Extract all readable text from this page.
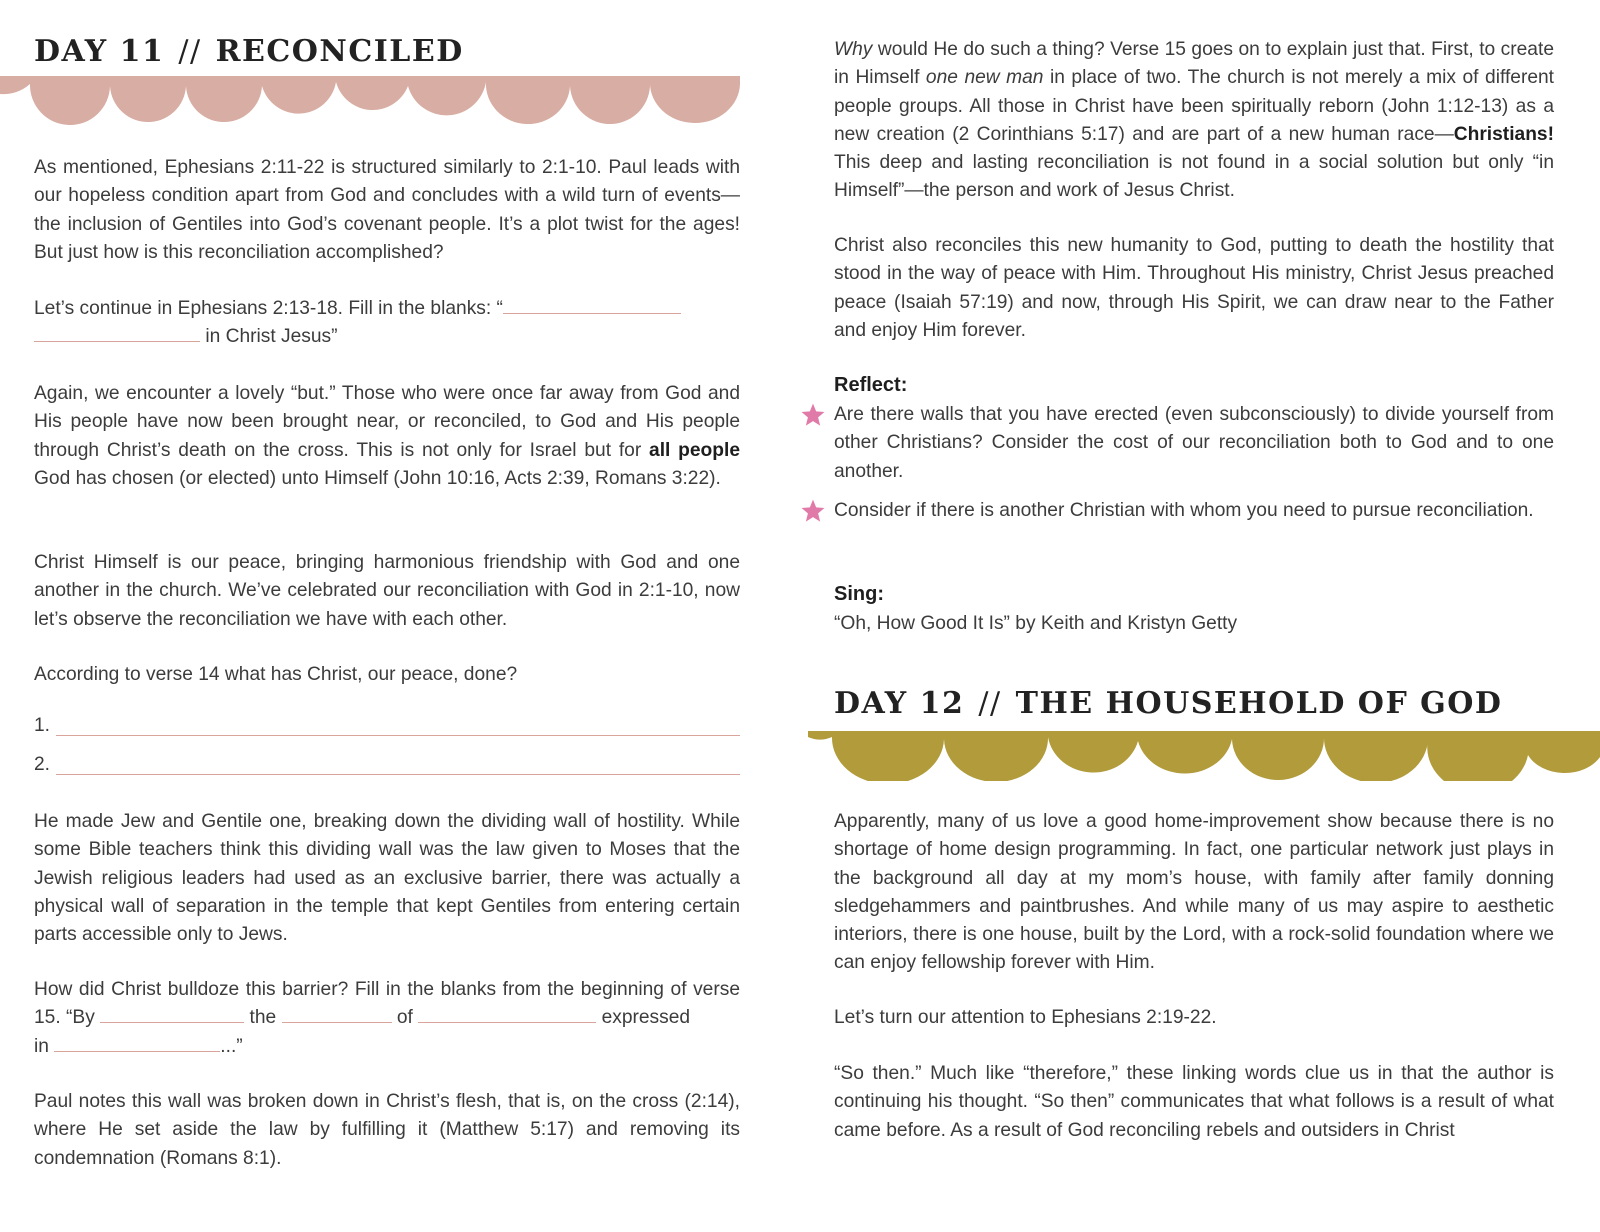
DAY 11 // RECONCILED

As mentioned, Ephesians 2:11-22 is structured similarly to 2:1-10. Paul leads with our hopeless condition apart from God and concludes with a wild turn of events—the inclusion of Gentiles into God’s covenant people. It’s a plot twist for the ages! But just how is this reconciliation accomplished?

Let’s continue in Ephesians 2:13-18. Fill in the blanks: “
in Christ Jesus”

Again, we encounter a lovely “but.” Those who were once far away from God and His people have now been brought near, or reconciled, to God and His people through Christ’s death on the cross. This is not only for Israel but for all people God has chosen (or elected) unto Himself (John 10:16, Acts 2:39, Romans 3:22).

Christ Himself is our peace, bringing harmonious friendship with God and one another in the church. We’ve celebrated our reconciliation with God in 2:1-10, now let’s observe the reconciliation we have with each other.

According to verse 14 what has Christ, our peace, done?

1.
2.

He made Jew and Gentile one, breaking down the dividing wall of hostility. While some Bible teachers think this dividing wall was the law given to Moses that the Jewish religious leaders had used as an exclusive barrier, there was actually a physical wall of separation in the temple that kept Gentiles from entering certain parts accessible only to Jews.

How did Christ bulldoze this barrier? Fill in the blanks from the beginning of verse 15. “By	the	of	expressed
in	...”

Paul notes this wall was broken down in Christ’s flesh, that is, on the cross (2:14), where He set aside the law by fulfilling it (Matthew 5:17) and removing its condemnation (Romans 8:1).

Why would He do such a thing? Verse 15 goes on to explain just that. First, to create in Himself one new man in place of two. The church is not merely a mix of different people groups. All those in Christ have been spiritually reborn (John 1:12-13) as a new creation (2 Corinthians 5:17) and are part of a new human race—Christians! This deep and lasting reconciliation is not found in a social solution but only “in Himself”—the person and work of Jesus Christ.

Christ also reconciles this new humanity to God, putting to death the hostility that stood in the way of peace with Him. Throughout His ministry, Christ Jesus preached peace (Isaiah 57:19) and now, through His Spirit, we can draw near to the Father and enjoy Him forever.

Reflect:

Are there walls that you have erected (even subconsciously) to divide yourself from other Christians? Consider the cost of our reconciliation both to God and to one another.

Consider if there is another Christian with whom you need to pursue reconciliation.

Sing:

“Oh, How Good It Is” by Keith and Kristyn Getty

DAY 12 // THE HOUSEHOLD OF GOD

Apparently, many of us love a good home-improvement show because there is no shortage of home design programming. In fact, one particular network just plays in the background all day at my mom’s house, with family after family donning sledgehammers and paintbrushes. And while many of us may aspire to aesthetic interiors, there is one house, built by the Lord, with a rock-solid foundation where we can enjoy fellowship forever with Him.

Let’s turn our attention to Ephesians 2:19-22.

“So then.” Much like “therefore,” these linking words clue us in that the author is continuing his thought. “So then” communicates that what follows is a result of what came before. As a result of God reconciling rebels and outsiders in Christ
